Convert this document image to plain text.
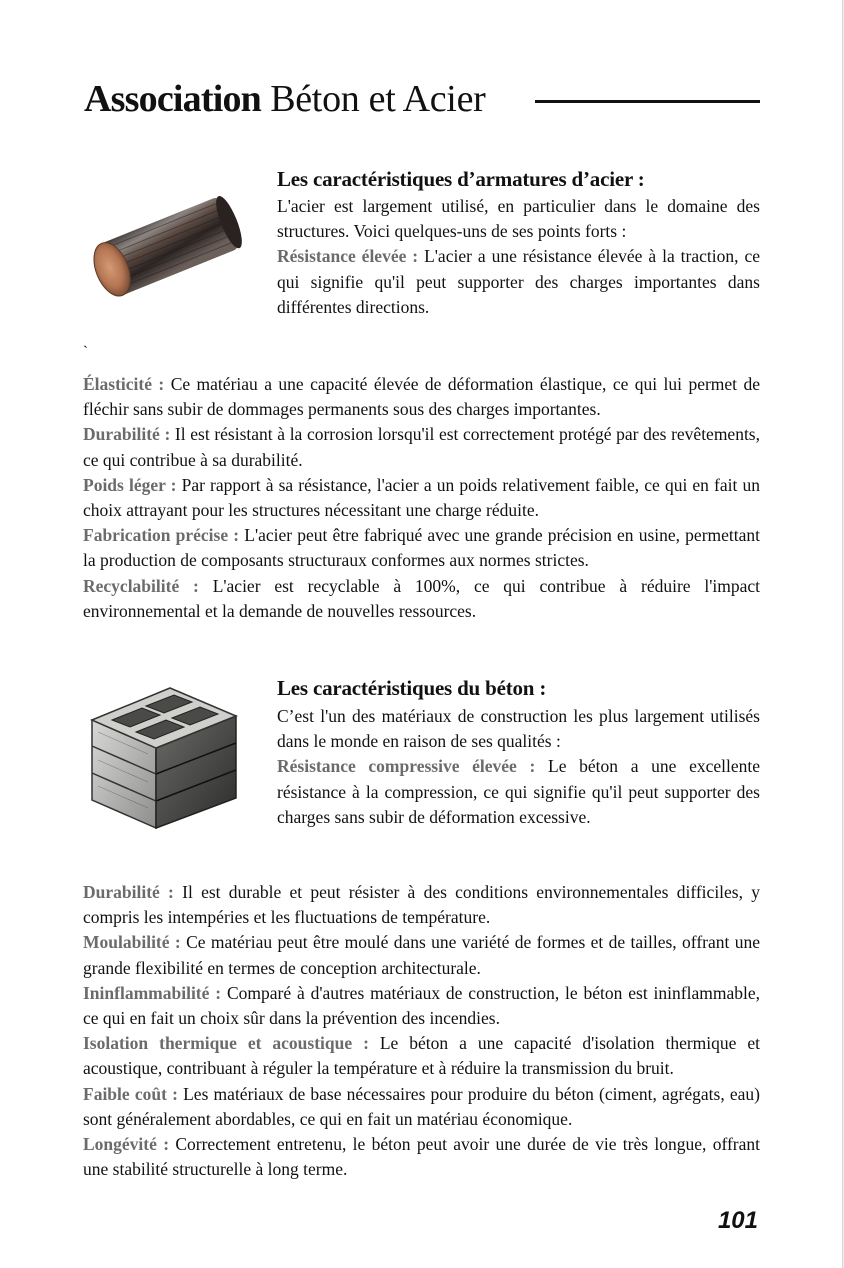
Association Béton et Acier
Les caractéristiques d’armatures d’acier :

L'acier est largement utilisé, en particulier dans le domaine des structures. Voici quelques-uns de ses points forts :

Résistance élevée : L'acier a une résistance élevée à la traction, ce qui signifie qu'il peut supporter des charges importantes dans différentes directions.

`

Élasticité : Ce matériau a une capacité élevée de déformation élastique, ce qui lui permet de fléchir sans subir de dommages permanents sous des charges importantes.

Durabilité : Il est résistant à la corrosion lorsqu'il est correctement protégé par des revêtements, ce qui contribue à sa durabilité.

Poids léger : Par rapport à sa résistance, l'acier a un poids relativement faible, ce qui en fait un choix attrayant pour les structures nécessitant une charge réduite.

Fabrication précise : L'acier peut être fabriqué avec une grande précision en usine, permettant la production de composants structuraux conformes aux normes strictes.

Recyclabilité : L'acier est recyclable à 100%, ce qui contribue à réduire l'impact environnemental et la demande de nouvelles ressources.

Les caractéristiques du béton :

C’est l'un des matériaux de construction les plus largement utilisés dans le monde en raison de ses qualités :

Résistance compressive élevée : Le béton a une excellente résistance à la compression, ce qui signifie qu'il peut supporter des charges sans subir de déformation excessive.

Durabilité : Il est durable et peut résister à des conditions environnementales difficiles, y compris les intempéries et les fluctuations de température.

Moulabilité : Ce matériau peut être moulé dans une variété de formes et de tailles, offrant une grande flexibilité en termes de conception architecturale.

Ininflammabilité : Comparé à d'autres matériaux de construction, le béton est ininflammable, ce qui en fait un choix sûr dans la prévention des incendies.

Isolation thermique et acoustique : Le béton a une capacité d'isolation thermique et acoustique, contribuant à réguler la température et à réduire la transmission du bruit.

Faible coût : Les matériaux de base nécessaires pour produire du béton (ciment, agrégats, eau) sont généralement abordables, ce qui en fait un matériau économique.

Longévité : Correctement entretenu, le béton peut avoir une durée de vie très longue, offrant une stabilité structurelle à long terme.

101
